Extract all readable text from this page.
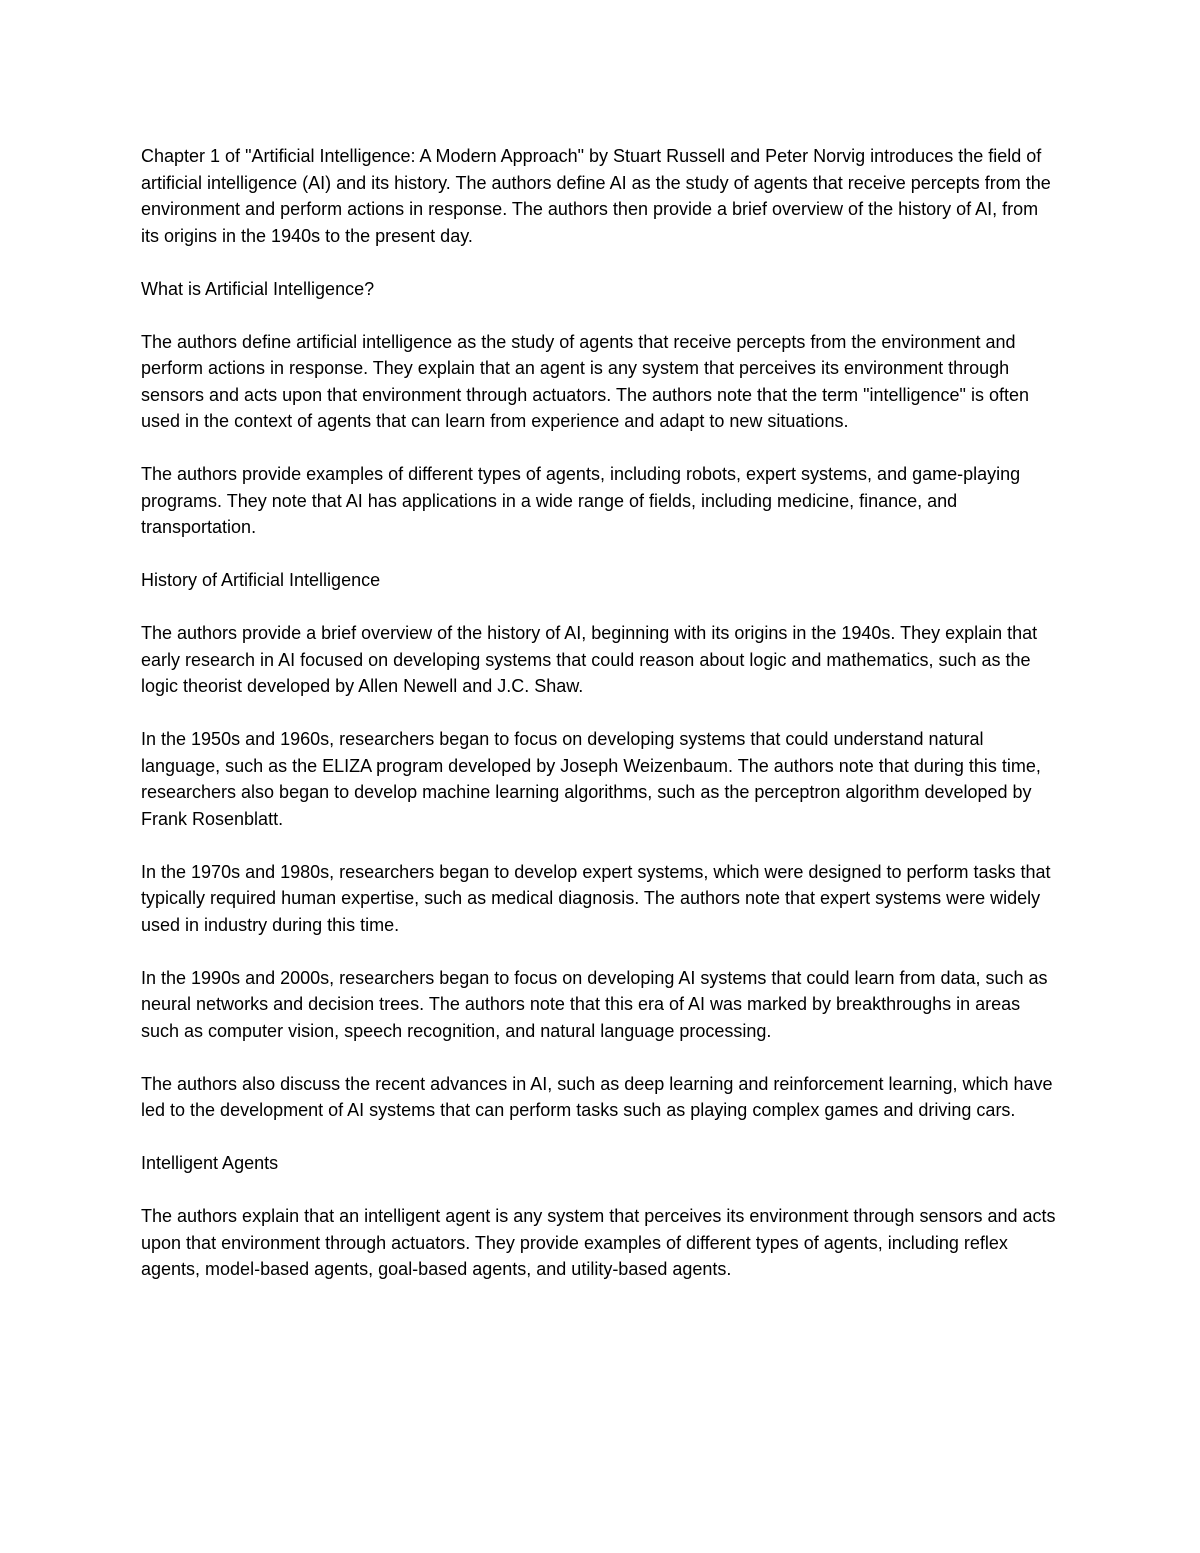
Chapter 1 of "Artificial Intelligence: A Modern Approach" by Stuart Russell and Peter Norvig introduces the field of artificial intelligence (AI) and its history. The authors define AI as the study of agents that receive percepts from the environment and perform actions in response. The authors then provide a brief overview of the history of AI, from its origins in the 1940s to the present day.

What is Artificial Intelligence?

The authors define artificial intelligence as the study of agents that receive percepts from the environment and perform actions in response. They explain that an agent is any system that perceives its environment through sensors and acts upon that environment through actuators. The authors note that the term "intelligence" is often used in the context of agents that can learn from experience and adapt to new situations.

The authors provide examples of different types of agents, including robots, expert systems, and game-playing programs. They note that AI has applications in a wide range of fields, including medicine, finance, and transportation.

History of Artificial Intelligence

The authors provide a brief overview of the history of AI, beginning with its origins in the 1940s. They explain that early research in AI focused on developing systems that could reason about logic and mathematics, such as the logic theorist developed by Allen Newell and J.C. Shaw.

In the 1950s and 1960s, researchers began to focus on developing systems that could understand natural language, such as the ELIZA program developed by Joseph Weizenbaum. The authors note that during this time, researchers also began to develop machine learning algorithms, such as the perceptron algorithm developed by Frank Rosenblatt.

In the 1970s and 1980s, researchers began to develop expert systems, which were designed to perform tasks that typically required human expertise, such as medical diagnosis. The authors note that expert systems were widely used in industry during this time.

In the 1990s and 2000s, researchers began to focus on developing AI systems that could learn from data, such as neural networks and decision trees. The authors note that this era of AI was marked by breakthroughs in areas such as computer vision, speech recognition, and natural language processing.

The authors also discuss the recent advances in AI, such as deep learning and reinforcement learning, which have led to the development of AI systems that can perform tasks such as playing complex games and driving cars.

Intelligent Agents

The authors explain that an intelligent agent is any system that perceives its environment through sensors and acts upon that environment through actuators. They provide examples of different types of agents, including reflex agents, model-based agents, goal-based agents, and utility-based agents.
